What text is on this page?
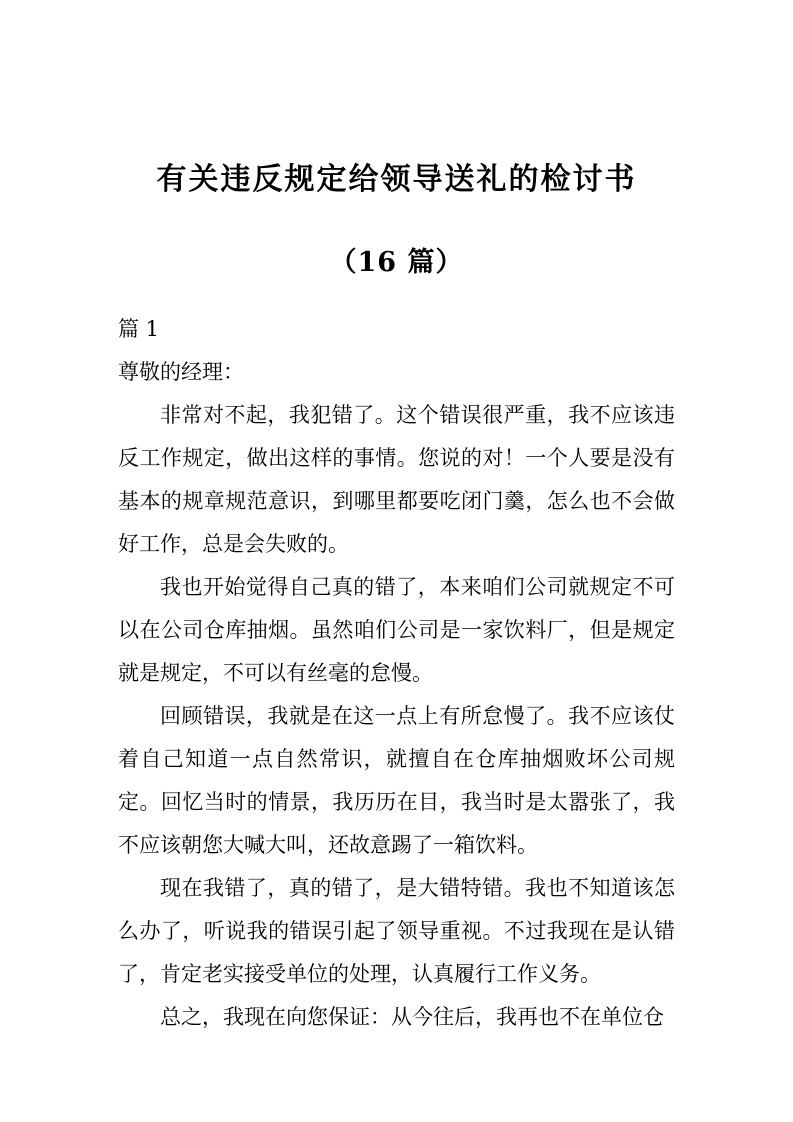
有关违反规定给领导送礼的检讨书
（16 篇）

篇 1

尊敬的经理：

非常对不起，我犯错了。这个错误很严重，我不应该违反工作规定，做出这样的事情。您说的对！一个人要是没有基本的规章规范意识，到哪里都要吃闭门羹，怎么也不会做好工作，总是会失败的。

我也开始觉得自己真的错了，本来咱们公司就规定不可以在公司仓库抽烟。虽然咱们公司是一家饮料厂，但是规定就是规定，不可以有丝毫的怠慢。

回顾错误，我就是在这一点上有所怠慢了。我不应该仗着自己知道一点自然常识，就擅自在仓库抽烟败坏公司规定。回忆当时的情景，我历历在目，我当时是太嚣张了，我不应该朝您大喊大叫，还故意踢了一箱饮料。

现在我错了，真的错了，是大错特错。我也不知道该怎么办了，听说我的错误引起了领导重视。不过我现在是认错了，肯定老实接受单位的处理，认真履行工作义务。

总之，我现在向您保证：从今往后，我再也不在单位仓
